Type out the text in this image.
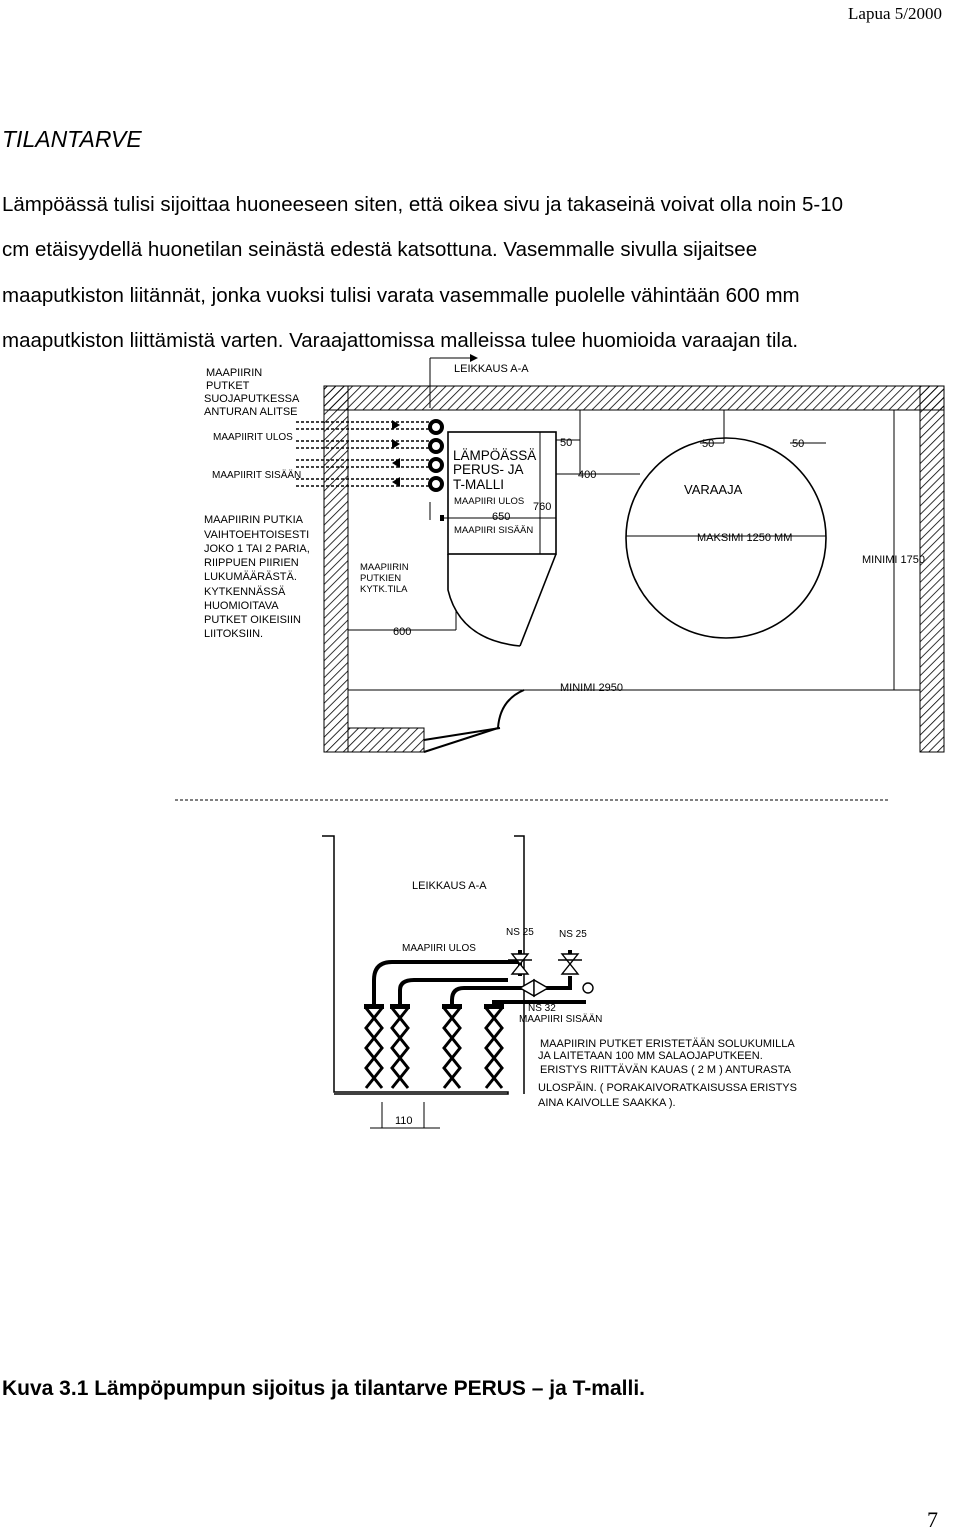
Lapua 5/2000
TILANTARVE
Lämpöässä tulisi sijoittaa huoneeseen siten, että oikea sivu ja takaseinä voivat olla noin 5-10
cm etäisyydellä huonetilan seinästä edestä katsottuna. Vasemmalle sivulla sijaitsee
maaputkiston liitännät, jonka vuoksi tulisi varata vasemmalle puolelle vähintään 600 mm
maaputkiston liittämistä varten. Varaajattomissa malleissa tulee huomioida varaajan tila.
MAAPIIRIN
PUTKET
SUOJAPUTKESSA
ANTURAN ALITSE
MAAPIIRIT ULOS
MAAPIIRIT SISÄÄN
MAAPIIRIN PUTKIA
VAIHTOEHTOISESTI
JOKO 1 TAI 2 PARIA,
RIIPPUEN PIIRIEN
LUKUMÄÄRÄSTÄ.
KYTKENNÄSSÄ
HUOMIOITAVA
PUTKET OIKEISIIN
LIITOKSIIN.
LEIKKAUS A-A
MAAPIIRIN
PUTKIEN
KYTK.TILA
600
LÄMPÖÄSSÄ
PERUS- JA
T-MALLI
MAAPIIRI ULOS
MAAPIIRI SISÄÄN
650
760
50
400
50	50
VARAAJA
MAKSIMI 1250 MM
MINIMI 1750
MINIMI 2950
LEIKKAUS A-A
NS 25	NS 25
MAAPIIRI ULOS
NS 32
MAAPIIRI SISÄÄN
110
MAAPIIRIN PUTKET ERISTETÄÄN SOLUKUMILLA
JA LAITETAAN 100 MM SALAOJAPUTKEEN.
ERISTYS RIITTÄVÄN KAUAS ( 2 M ) ANTURASTA
ULOSPÄIN. ( PORAKAIVORATKAISUSSA ERISTYS
AINA KAIVOLLE SAAKKA ).
Kuva 3.1 Lämpöpumpun sijoitus ja tilantarve PERUS – ja T-malli.
7
